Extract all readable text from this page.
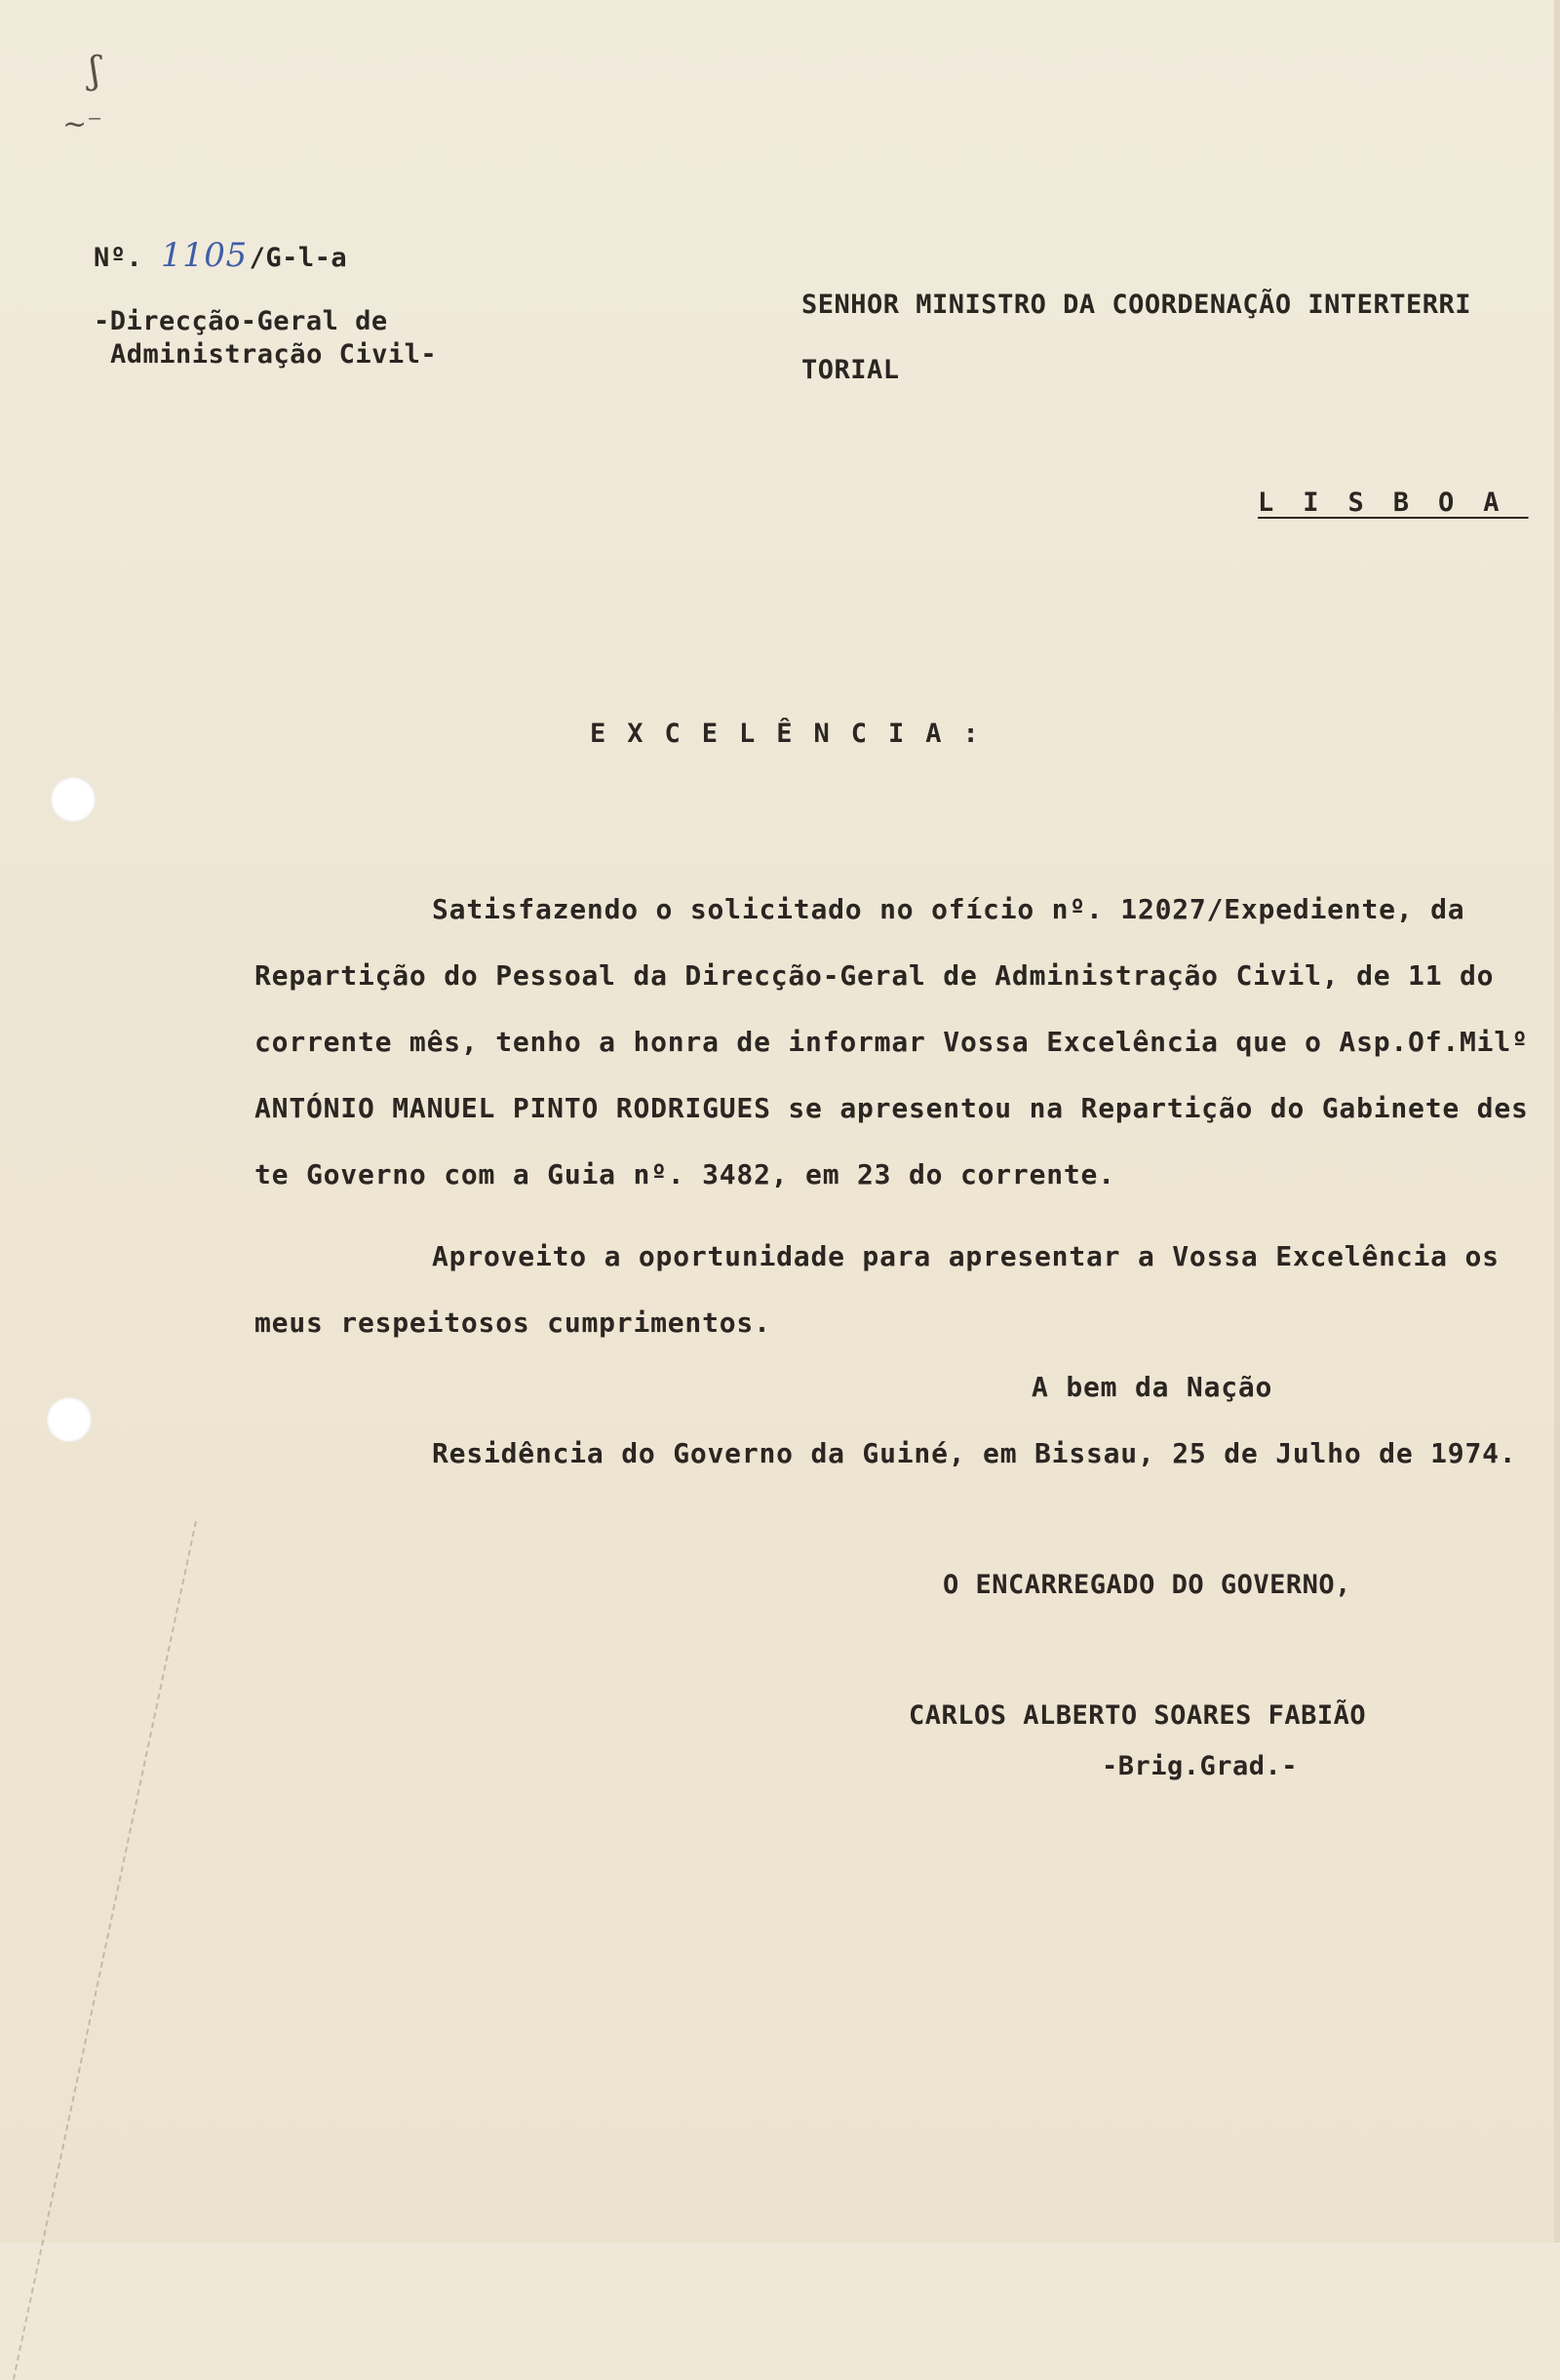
ʃ
~⁻
Nº. 1105/G-l-a
-Direcção-Geral de
Administração Civil-
SENHOR MINISTRO DA COORDENAÇÃO INTERTERRI
TORIAL
LISBOA
EXCELÊNCIA:
Satisfazendo o solicitado no ofício nº. 12027/Expediente, da
Repartição do Pessoal da Direcção-Geral de Administração Civil, de 11 do
corrente mês, tenho a honra de informar Vossa Excelência que o Asp.Of.Milº
ANTÓNIO MANUEL PINTO RODRIGUES se apresentou na Repartição do Gabinete des
te Governo com a Guia nº. 3482, em 23 do corrente.
Aproveito a oportunidade para apresentar a Vossa Excelência os
meus respeitosos cumprimentos.
A bem da Nação
Residência do Governo da Guiné, em Bissau, 25 de Julho de 1974.
O ENCARREGADO DO GOVERNO,
CARLOS ALBERTO SOARES FABIÃO
-Brig.Grad.-
